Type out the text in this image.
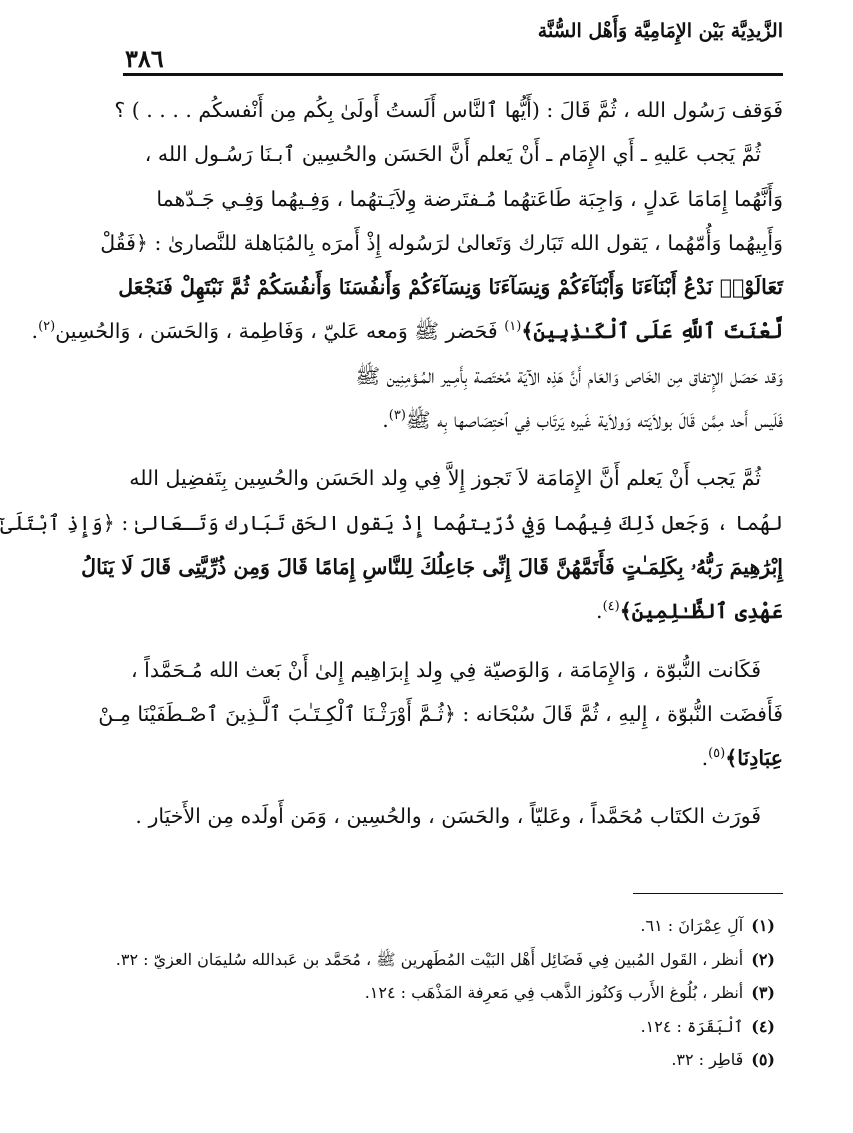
الزَّيدِيَّة بَيْن الإِمَامِيَّة وَأَهْل السُّنَّة
٣٨٦

فَوَقف رَسُول الله ، ثُمَّ قَالَ : (أَيُّها ٱلنَّاس أَلَستُ أَولَىٰ بِكُم مِن أَنْفسكُم . . . . ) ؟

ثُمَّ يَجب عَليهِ ـ أَي الإِمَام ـ أَنْ يَعلم أَنَّ الحَسَن والحُسِين ٱبـنَا رَسُـول الله ،
وَأَنَّهُما إِمَامَا عَدلٍ ، وَاجِبَة طَاعَتهُما مُـفتَرضة وِلاَيَـتهُما ، وَفِـيهُما وَفِـي جَـدّهما
وَأَبِيهُما وَأُمّهُما ، يَقول الله تَبَارك وَتَعالىٰ لرَسُوله إِذْ أَمرَه بِالمُبَاهلة للنَّصارىٰ : ﴿فَقُلْ
تَعَالَوْا۟ نَدْعُ أَبْنَآءَنَا وَأَبْنَآءَكُمْ وَنِسَآءَنَا وَنِسَآءَكُمْ وَأَنفُسَنَا وَأَنفُسَكُمْ ثُمَّ نَبْتَهِلْ فَنَجْعَل
لَّعْنَتَ ٱللَّهِ عَلَى ٱلْكَـٰذِبِينَ﴾$^{(١)}$ فَحَضر ﷺ وَمعه عَليّ ، وَفَاطِمة ، وَالحَسَن ، وَالحُسِين$^{(٢)}$.
وَقد حَصَل الإِتفاق مِن الخَاص وَالعَام أَنَّ هَذِه الآيَة مُختَصة بِأَمِـير المُـؤمِنِين ﷺ
فَلَيس أَحد مِمَّن قَالَ بولاَيَته وَولاَية غَيره يَرتَاب فِي ٱختِصَاصها بِه ﷺ$^{(٣)}$.

ثُمَّ يَجب أَنْ يَعلم أَنَّ الإِمَامَة لاَ تَجوز إِلاَّ فِي وِلد الحَسَن والحُسِين بِتَفضِيل الله
لهُما ، وَجَعل ذَلِكَ فِيهُما وَفِي ذُرّيتهُما إِذْ يَقول الحَق تَبَارك وَتَـعَالىٰ : ﴿وَإِذِ ٱبْتَلَىٰٓ
إِبْرَٰهِيمَ رَبُّهُۥ بِكَلِمَـٰتٍ فَأَتَمَّهُنَّ قَالَ إِنِّى جَاعِلُكَ لِلنَّاسِ إِمَامًا قَالَ وَمِن ذُرِّيَّتِى قَالَ لَا يَنَالُ
عَهْدِى ٱلظَّـٰلِمِينَ﴾$^{(٤)}$.

فَكَانت النُّبوّة ، وَالإِمَامَة ، وَالوَصيّة فِي وِلد إِبرَاهِيم إِلىٰ أَنْ بَعث الله مُـحَمَّداً ،
فَأَفضَت النُّبوّة ، إِليهِ ، ثُمَّ قَالَ سُبْحَانه : ﴿ثُـمَّ أَوْرَثْـنَا ٱلْكِـتَـٰبَ ٱلَّـذِينَ ٱصْـطَفَيْنَا مِـنْ
عِبَادِنَا﴾$^{(٥)}$.

فَورَث الكتَاب مُحَمَّداً ، وعَليّاً ، والحَسَن ، والحُسِين ، وَمَن أَولَده مِن الأَخيَار .

(١)آلِ عِمْرَانَ : ٦١.
(٢)أنظر ، القَول المُبين فِي فَضَائِل أَهْل البَيْت المُطَهرين ﷺ ، مُحَمَّد بن عَبدالله سُليمَان العزيّ : ٣٢.
(٣)أنظر ، بُلُوغ الأَرب وَكنُوز الذَّهب فِي مَعرِفة المَذْهَب : ١٢٤.
(٤)ٱلْبَقَرَة : ١٢٤.
(٥)فَاطِر : ٣٢.
